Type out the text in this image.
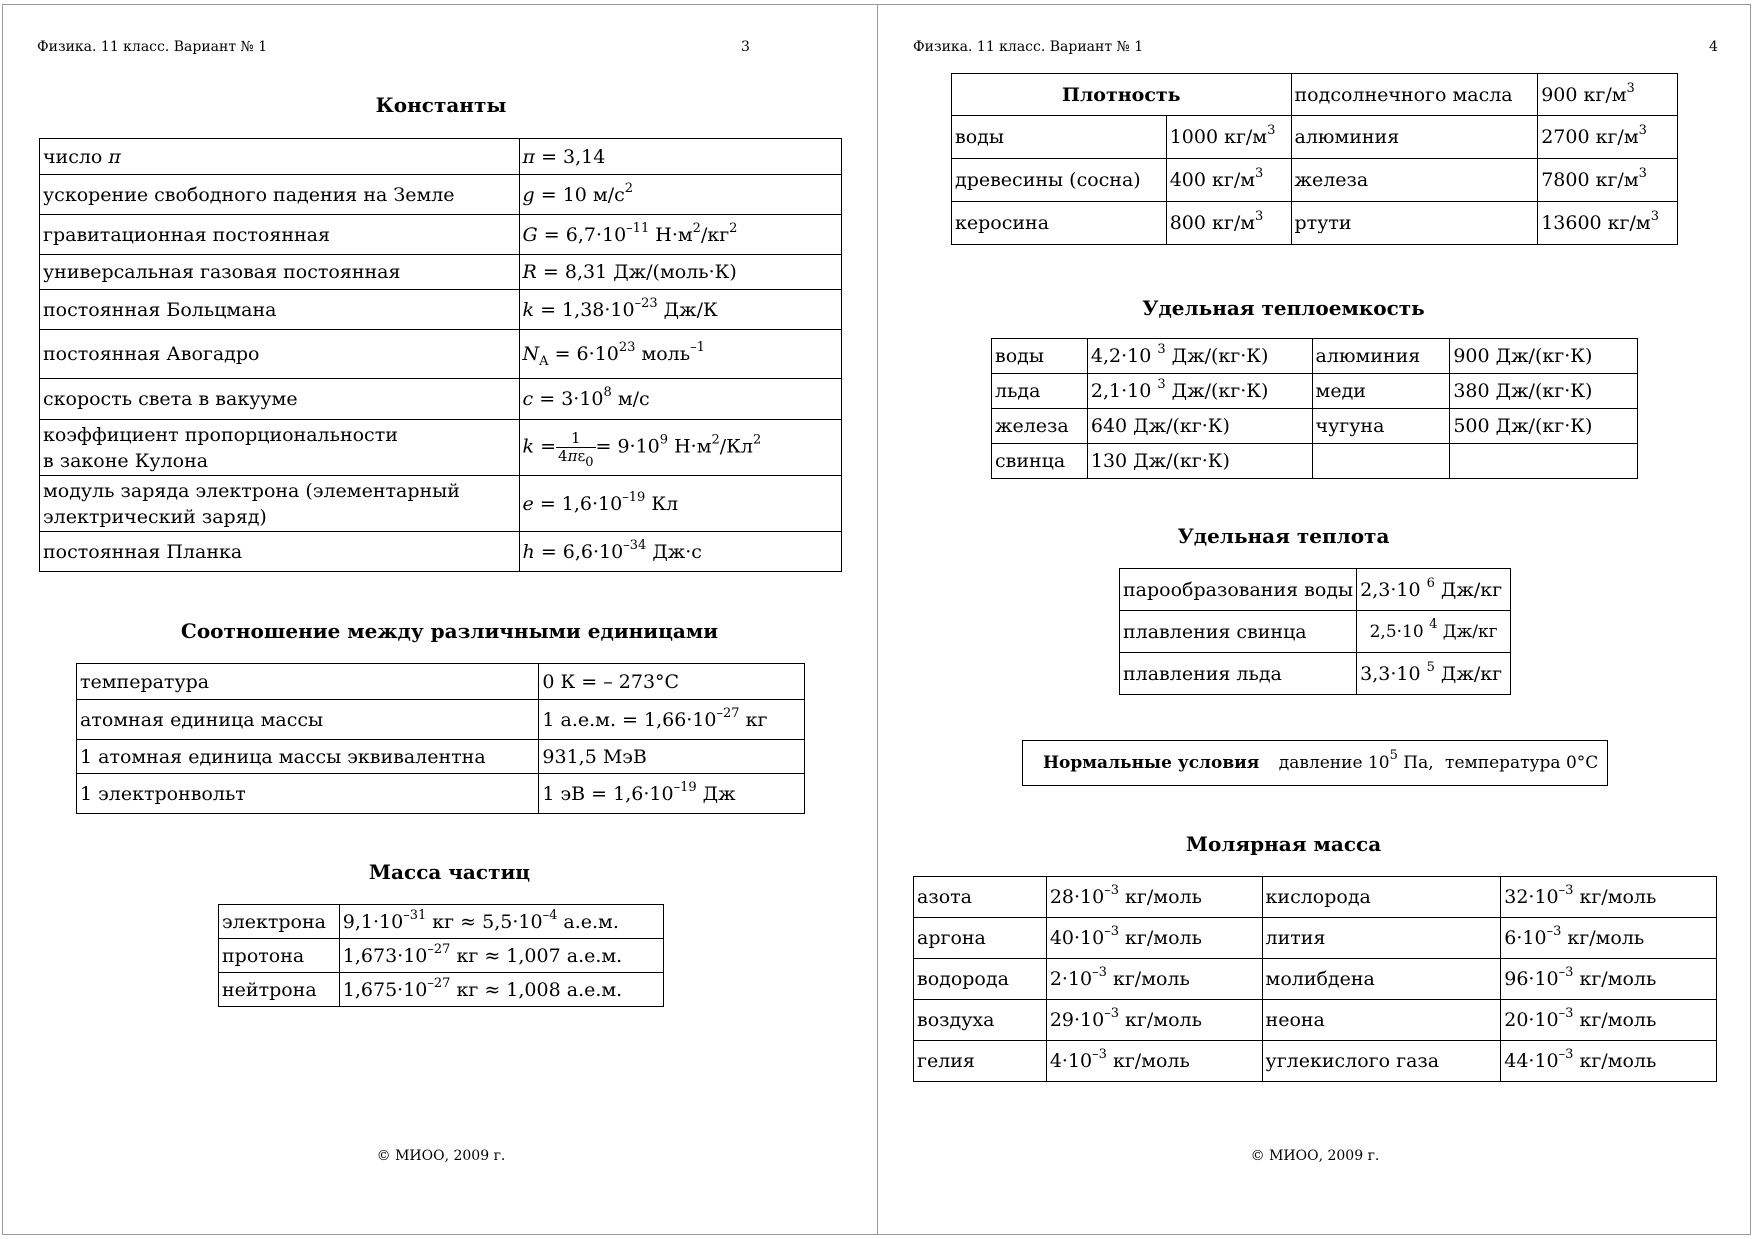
Физика. 11 класс. Вариант № 1	3
Константы
число π	π = 3,14
ускорение свободного падения на Земле	g = 10 $м/с^2$
гравитационная постоянная	$G = 6,7\cdot 10^{-11}$ $Н\cdot м^2/кг^2$
универсальная газовая постоянная	R = 8,31 Дж/(моль·К)
постоянная Больцмана	$k = 1,38\cdot 10^{-23}$ Дж/К
постоянная Авогадро	$N_A = 6\cdot 10^{23}$ моль$^{-1}$
скорость света в вакууме	$c = 3\cdot 10^8$ м/с
коэффициент пропорциональности
в законе Кулона	$k = \frac{1}{4\pi\varepsilon_0} = 9\cdot 10^9$ $Н\cdot м^2/Кл^2$
модуль заряда электрона (элементарный
электрический заряд)	$e = 1,6\cdot 10^{-19}$ Кл
постоянная Планка	$h = 6,6\cdot 10^{-34}$ Дж·с
Соотношение между различными единицами
температура	0 К = – 273°С
атомная единица массы	1 а.е.м. = $1,66\cdot 10^{-27}$ кг
1 атомная единица массы эквивалентна	931,5 МэВ
1 электронвольт	1 эВ = $1,6\cdot 10^{-19}$ Дж
Масса частиц
электрона	$9,1\cdot 10^{-31}$ кг ≈ $5,5\cdot 10^{-4}$ а.е.м.
протона	$1,673\cdot 10^{-27}$ кг ≈ 1,007 а.е.м.
нейтрона	$1,675\cdot 10^{-27}$ кг ≈ 1,008 а.е.м.
© МИОО, 2009 г.
Физика. 11 класс. Вариант № 1	4
Плотность		подсолнечного масла	900 $кг/м^3$
воды	1000 $кг/м^3$	алюминия	2700 $кг/м^3$
древесины (сосна)	400 $кг/м^3$	железа	7800 $кг/м^3$
керосина	800 $кг/м^3$	ртути	13600 $кг/м^3$
Удельная теплоемкость
воды	4,2·10 $^3$ Дж/(кг·К)	алюминия	900 Дж/(кг·К)
льда	2,1·10 $^3$ Дж/(кг·К)	меди	380 Дж/(кг·К)
железа	640 Дж/(кг·К)	чугуна	500 Дж/(кг·К)
свинца	130 Дж/(кг·К)		
Удельная теплота
парообразования воды	2,3·10 $^6$ Дж/кг
плавления свинца	2,5·10 $^4$ Дж/кг
плавления льда	3,3·10 $^5$ Дж/кг
Нормальные условия давление $10^5$ Па, температура 0°С
Молярная масса
азота	$28\cdot 10^{-3}$ кг/моль	кислорода	$32\cdot 10^{-3}$ кг/моль
аргона	$40\cdot 10^{-3}$ кг/моль	лития	$6\cdot 10^{-3}$ кг/моль
водорода	$2\cdot 10^{-3}$ кг/моль	молибдена	$96\cdot 10^{-3}$ кг/моль
воздуха	$29\cdot 10^{-3}$ кг/моль	неона	$20\cdot 10^{-3}$ кг/моль
гелия	$4\cdot 10^{-3}$ кг/моль	углекислого газа	$44\cdot 10^{-3}$ кг/моль
© МИОО, 2009 г.
